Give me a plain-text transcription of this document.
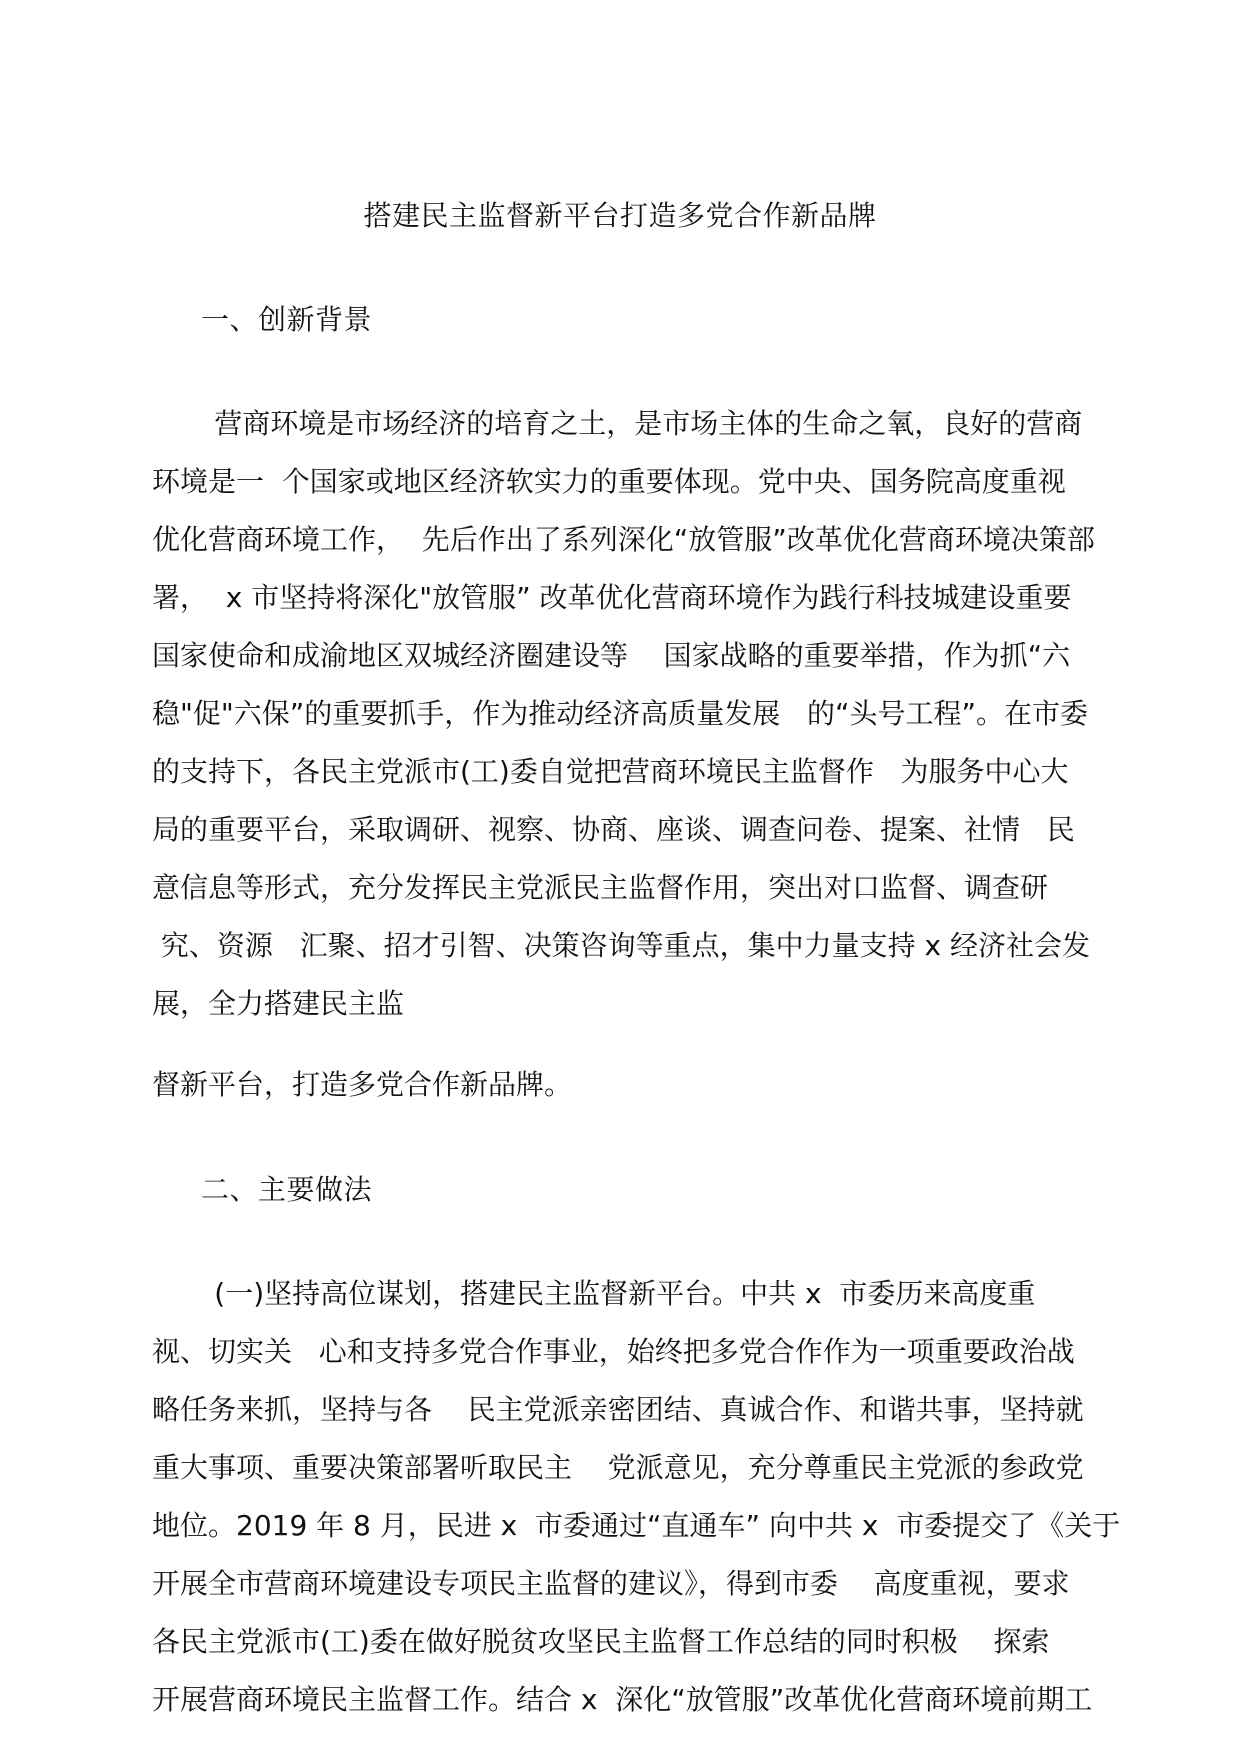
搭建民主监督新平台打造多党合作新品牌
一、创新背景
营商环境是市场经济的培育之土，是市场主体的生命之氧，良好的营商
环境是一  个国家或地区经济软实力的重要体现。党中央、国务院高度重视
优化营商环境工作，  先后作出了系列深化“放管服”改革优化营商环境决策部
署，  x 市坚持将深化"放管服” 改革优化营商环境作为践行科技城建设重要
国家使命和成渝地区双城经济圈建设等    国家战略的重要举措，作为抓“六
稳"促"六保”的重要抓手，作为推动经济高质量发展   的“头号工程”。在市委
的支持下，各民主党派市(工)委自觉把营商环境民主监督作   为服务中心大
局的重要平台，采取调研、视察、协商、座谈、调查问卷、提案、社情   民
意信息等形式，充分发挥民主党派民主监督作用，突出对口监督、调查研
究、资源   汇聚、招才引智、决策咨询等重点，集中力量支持 x 经济社会发
展，全力搭建民主监
督新平台，打造多党合作新品牌。
二、主要做法
(一)坚持高位谋划，搭建民主监督新平台。中共 x  市委历来高度重
视、切实关   心和支持多党合作事业，始终把多党合作作为一项重要政治战
略任务来抓，坚持与各    民主党派亲密团结、真诚合作、和谐共事，坚持就
重大事项、重要决策部署听取民主    党派意见，充分尊重民主党派的参政党
地位。2019 年 8 月，民进 x  市委通过“直通车” 向中共 x  市委提交了《关于
开展全市营商环境建设专项民主监督的建议》，得到市委    高度重视，要求
各民主党派市(工)委在做好脱贫攻坚民主监督工作总结的同时积极    探索
开展营商环境民主监督工作。结合 x  深化“放管服”改革优化营商环境前期工
